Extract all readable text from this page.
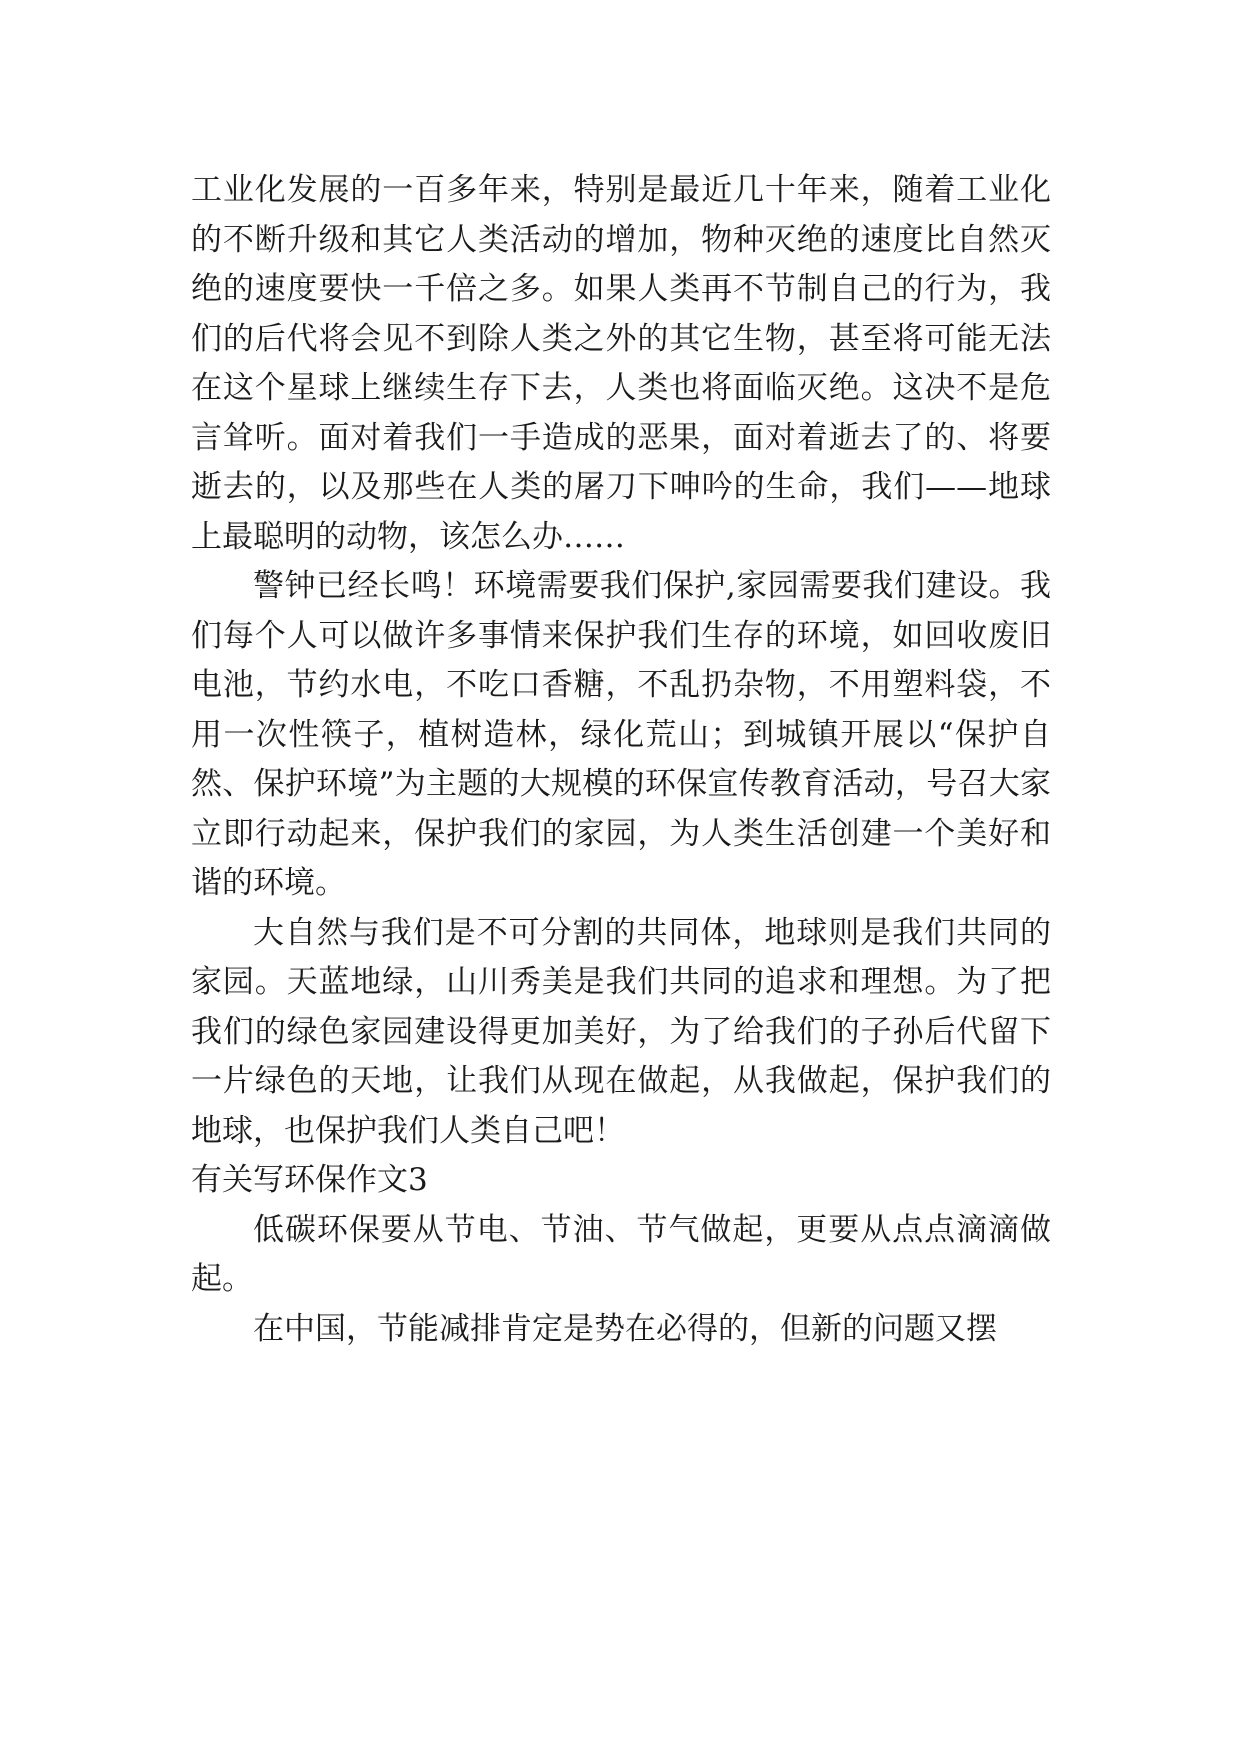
工业化发展的一百多年来，特别是最近几十年来，随着工业化的不断升级和其它人类活动的增加，物种灭绝的速度比自然灭绝的速度要快一千倍之多。如果人类再不节制自己的行为，我们的后代将会见不到除人类之外的其它生物，甚至将可能无法在这个星球上继续生存下去，人类也将面临灭绝。这决不是危言耸听。面对着我们一手造成的恶果，面对着逝去了的、将要逝去的，以及那些在人类的屠刀下呻吟的生命，我们——地球上最聪明的动物，该怎么办……

警钟已经长鸣！环境需要我们保护,家园需要我们建设。我们每个人可以做许多事情来保护我们生存的环境，如回收废旧电池，节约水电，不吃口香糖，不乱扔杂物，不用塑料袋，不用一次性筷子，植树造林，绿化荒山；到城镇开展以“保护自然、保护环境”为主题的大规模的环保宣传教育活动，号召大家立即行动起来，保护我们的家园，为人类生活创建一个美好和谐的环境。

大自然与我们是不可分割的共同体，地球则是我们共同的家园。天蓝地绿，山川秀美是我们共同的追求和理想。为了把我们的绿色家园建设得更加美好，为了给我们的子孙后代留下一片绿色的天地，让我们从现在做起，从我做起，保护我们的地球，也保护我们人类自己吧！

有关写环保作文3

低碳环保要从节电、节油、节气做起，更要从点点滴滴做起。

在中国，节能减排肯定是势在必得的，但新的问题又摆
